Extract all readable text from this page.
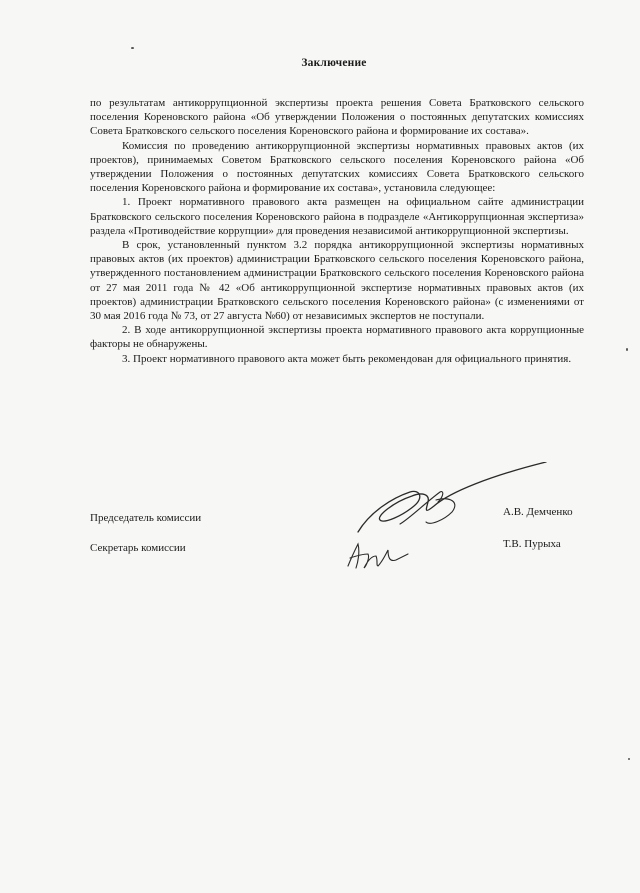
Заключение

по результатам антикоррупционной экспертизы проекта решения Совета Братковского сельского поселения Кореновского района «Об утверждении Положения о постоянных депутатских комиссиях Совета Братковского сельского поселения Кореновского района и формирование их состава».

Комиссия по проведению антикоррупционной экспертизы нормативных правовых актов (их проектов), принимаемых Советом Братковского сельского поселения Кореновского района «Об утверждении Положения о постоянных депутатских комиссиях Совета Братковского сельского поселения Кореновского района и формирование их состава», установила следующее:

1. Проект нормативного правового акта размещен на официальном сайте администрации Братковского сельского поселения Кореновского района в подразделе «Антикоррупционная экспертиза» раздела «Противодействие коррупции» для проведения независимой антикоррупционной экспертизы.

В срок, установленный пунктом 3.2 порядка антикоррупционной экспертизы нормативных правовых актов (их проектов) администрации Братковского сельского поселения Кореновского района, утвержденного постановлением администрации Братковского сельского поселения Кореновского района от 27 мая 2011 года № 42 «Об антикоррупционной экспертизе нормативных правовых актов (их проектов) администрации Братковского сельского поселения Кореновского района» (с изменениями от 30 мая 2016 года № 73, от 27 августа №60) от независимых экспертов не поступали.

2. В ходе антикоррупционной экспертизы проекта нормативного правового акта коррупционные факторы не обнаружены.

3. Проект нормативного правового акта может быть рекомендован для официального принятия.

Председатель комиссии	А.В. Демченко
Секретарь комиссии	Т.В. Пурыха
